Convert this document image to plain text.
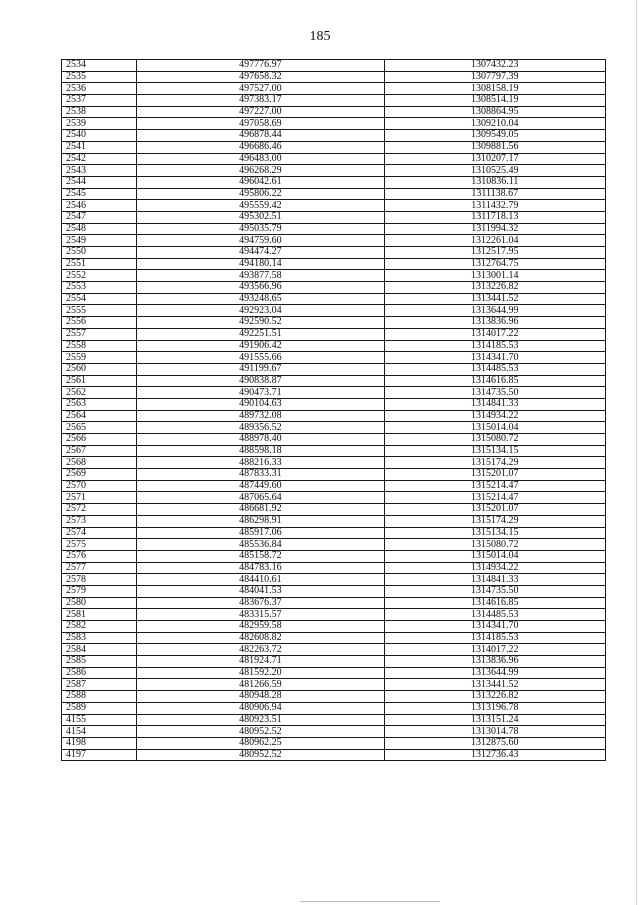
185
2534	497776.97	1307432.23
2535	497658.32	1307797.39
2536	497527.00	1308158.19
2537	497383.17	1308514.19
2538	497227.00	1308864.95
2539	497058.69	1309210.04
2540	496878.44	1309549.05
2541	496686.46	1309881.56
2542	496483.00	1310207.17
2543	496268.29	1310525.49
2544	496042.61	1310836.11
2545	495806.22	1311138.67
2546	495559.42	1311432.79
2547	495302.51	1311718.13
2548	495035.79	1311994.32
2549	494759.60	1312261.04
2550	494474.27	1312517.95
2551	494180.14	1312764.75
2552	493877.58	1313001.14
2553	493566.96	1313226.82
2554	493248.65	1313441.52
2555	492923.04	1313644.99
2556	492590.52	1313836.96
2557	492251.51	1314017.22
2558	491906.42	1314185.53
2559	491555.66	1314341.70
2560	491199.67	1314485.53
2561	490838.87	1314616.85
2562	490473.71	1314735.50
2563	490104.63	1314841.33
2564	489732.08	1314934.22
2565	489356.52	1315014.04
2566	488978.40	1315080.72
2567	488598.18	1315134.15
2568	488216.33	1315174.29
2569	487833.31	1315201.07
2570	487449.60	1315214.47
2571	487065.64	1315214.47
2572	486681.92	1315201.07
2573	486298.91	1315174.29
2574	485917.06	1315134.15
2575	485536.84	1315080.72
2576	485158.72	1315014.04
2577	484783.16	1314934.22
2578	484410.61	1314841.33
2579	484041.53	1314735.50
2580	483676.37	1314616.85
2581	483315.57	1314485.53
2582	482959.58	1314341.70
2583	482608.82	1314185.53
2584	482263.72	1314017.22
2585	481924.71	1313836.96
2586	481592.20	1313644.99
2587	481266.59	1313441.52
2588	480948.28	1313226.82
2589	480906.94	1313196.78
4155	480923.51	1313151.24
4154	480952.52	1313014.78
4198	480962.25	1312875.60
4197	480952.52	1312736.43
